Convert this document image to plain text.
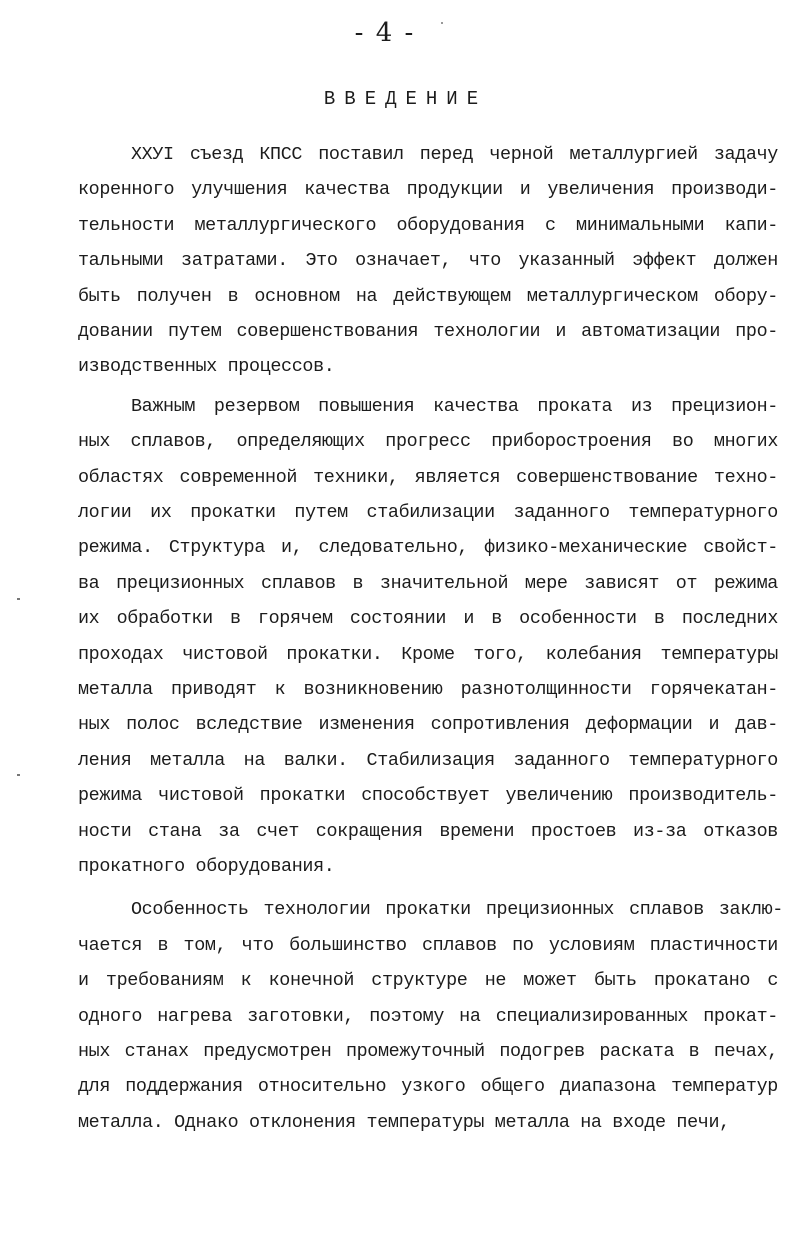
- 4 -
ВВЕДЕНИЕ
ХХУI съезд КПСС поставил перед черной металлургией задачу
коренного улучшения качества продукции и увеличения производи-
тельности металлургического оборудования с минимальными капи-
тальными затратами. Это означает, что указанный эффект должен
быть получен в основном на действующем металлургическом обору-
довании путем совершенствования технологии и автоматизации про-
изводственных процессов.
Важным резервом повышения качества проката из прецизион-
ных сплавов, определяющих прогресс приборостроения во многих
областях современной техники, является совершенствование техно-
логии их прокатки путем стабилизации заданного температурного
режима. Структура и, следовательно, физико-механические свойст-
ва прецизионных сплавов в значительной мере зависят от режима
их обработки в горячем состоянии и в особенности в последних
проходах чистовой прокатки. Кроме того, колебания температуры
металла приводят к возникновению разнотолщинности горячекатан-
ных полос вследствие изменения сопротивления деформации и дав-
ления металла на валки. Стабилизация заданного температурного
режима чистовой прокатки способствует увеличению производитель-
ности стана за счет сокращения времени простоев из-за отказов
прокатного оборудования.
Особенность технологии прокатки прецизионных сплавов заклю-
чается в том, что большинство сплавов по условиям пластичности
и требованиям к конечной структуре не может быть прокатано с
одного нагрева заготовки, поэтому на специализированных прокат-
ных станах предусмотрен промежуточный подогрев раската в печах,
для поддержания относительно узкого общего диапазона температур
металла. Однако отклонения температуры металла на входе печи,
